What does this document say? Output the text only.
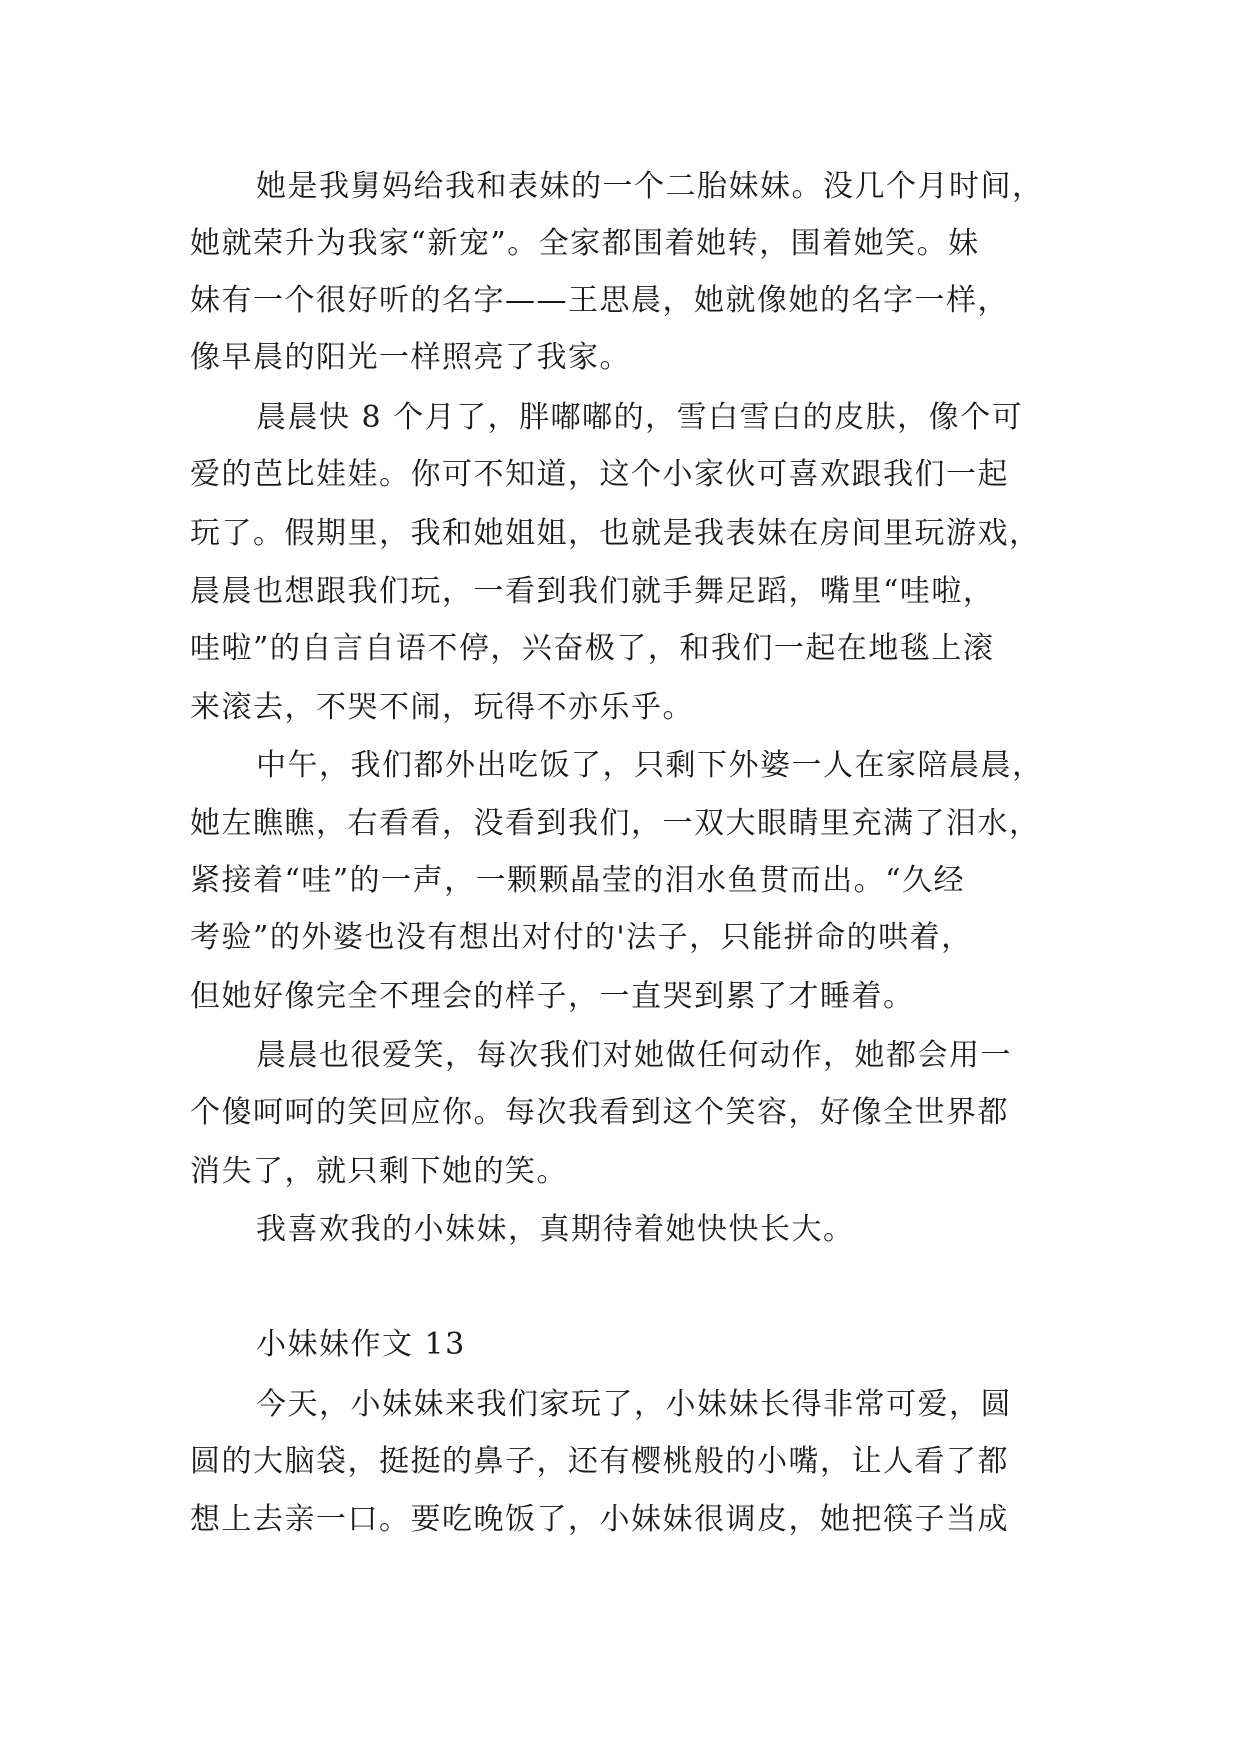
她是我舅妈给我和表妹的一个二胎妹妹。没几个月时间，
她就荣升为我家“新宠”。全家都围着她转，围着她笑。妹
妹有一个很好听的名字——王思晨，她就像她的名字一样，
像早晨的阳光一样照亮了我家。
晨晨快 8 个月了，胖嘟嘟的，雪白雪白的皮肤，像个可
爱的芭比娃娃。你可不知道，这个小家伙可喜欢跟我们一起
玩了。假期里，我和她姐姐，也就是我表妹在房间里玩游戏，
晨晨也想跟我们玩，一看到我们就手舞足蹈，嘴里“哇啦，
哇啦”的自言自语不停，兴奋极了，和我们一起在地毯上滚
来滚去，不哭不闹，玩得不亦乐乎。
中午，我们都外出吃饭了，只剩下外婆一人在家陪晨晨，
她左瞧瞧，右看看，没看到我们，一双大眼睛里充满了泪水，
紧接着“哇”的一声，一颗颗晶莹的泪水鱼贯而出。“久经
考验”的外婆也没有想出对付的'法子，只能拼命的哄着，
但她好像完全不理会的样子，一直哭到累了才睡着。
晨晨也很爱笑，每次我们对她做任何动作，她都会用一
个傻呵呵的笑回应你。每次我看到这个笑容，好像全世界都
消失了，就只剩下她的笑。
我喜欢我的小妹妹，真期待着她快快长大。
小妹妹作文 13
今天，小妹妹来我们家玩了，小妹妹长得非常可爱，圆
圆的大脑袋，挺挺的鼻子，还有樱桃般的小嘴，让人看了都
想上去亲一口。要吃晚饭了，小妹妹很调皮，她把筷子当成
